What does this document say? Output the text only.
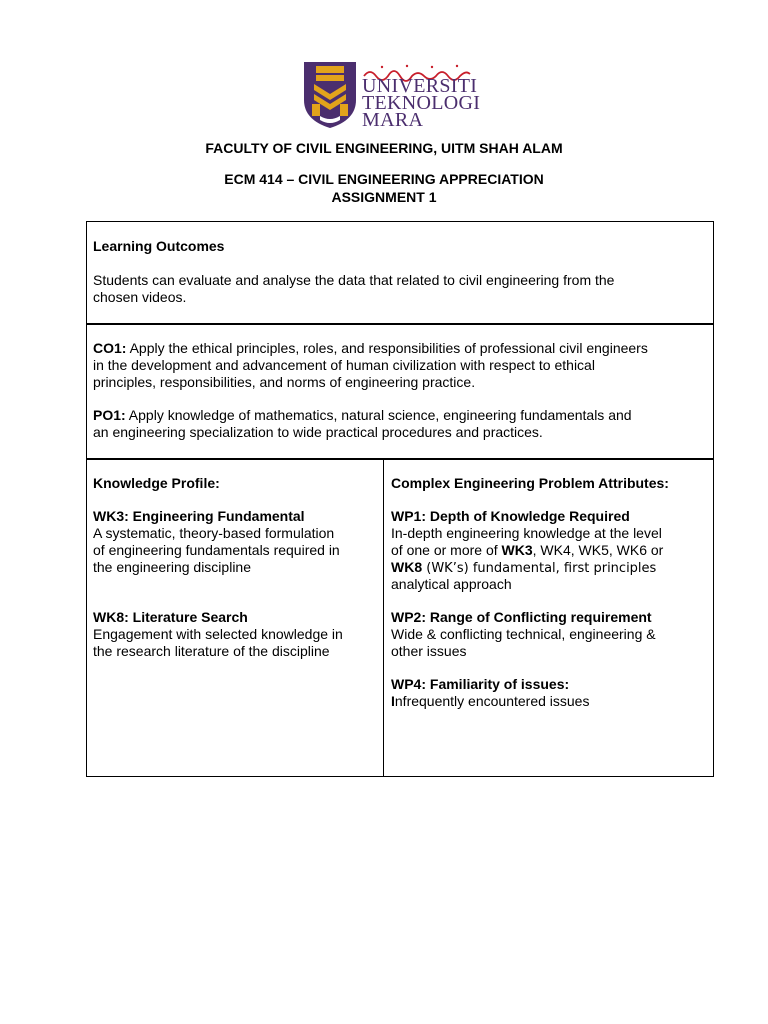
UNIVERSITI
TEKNOLOGI
MARA
FACULTY OF CIVIL ENGINEERING, UITM SHAH ALAM
ECM 414 – CIVIL ENGINEERING APPRECIATION
ASSIGNMENT 1
Learning Outcomes
Students can evaluate and analyse the data that related to civil engineering from the
chosen videos.
CO1: Apply the ethical principles, roles, and responsibilities of professional civil engineers
in the development and advancement of human civilization with respect to ethical
principles, responsibilities, and norms of engineering practice.
PO1: Apply knowledge of mathematics, natural science, engineering fundamentals and
an engineering specialization to wide practical procedures and practices.
Knowledge Profile:
WK3: Engineering Fundamental
A systematic, theory-based formulation
of engineering fundamentals required in
the engineering discipline
WK8: Literature Search
Engagement with selected knowledge in
the research literature of the discipline
Complex Engineering Problem Attributes:
WP1: Depth of Knowledge Required
In-depth engineering knowledge at the level
of one or more of WK3, WK4, WK5, WK6 or
WK8 (WK’s) fundamental, first principles
analytical approach
WP2: Range of Conflicting requirement
Wide & conflicting technical, engineering &
other issues
WP4: Familiarity of issues:
Infrequently encountered issues
